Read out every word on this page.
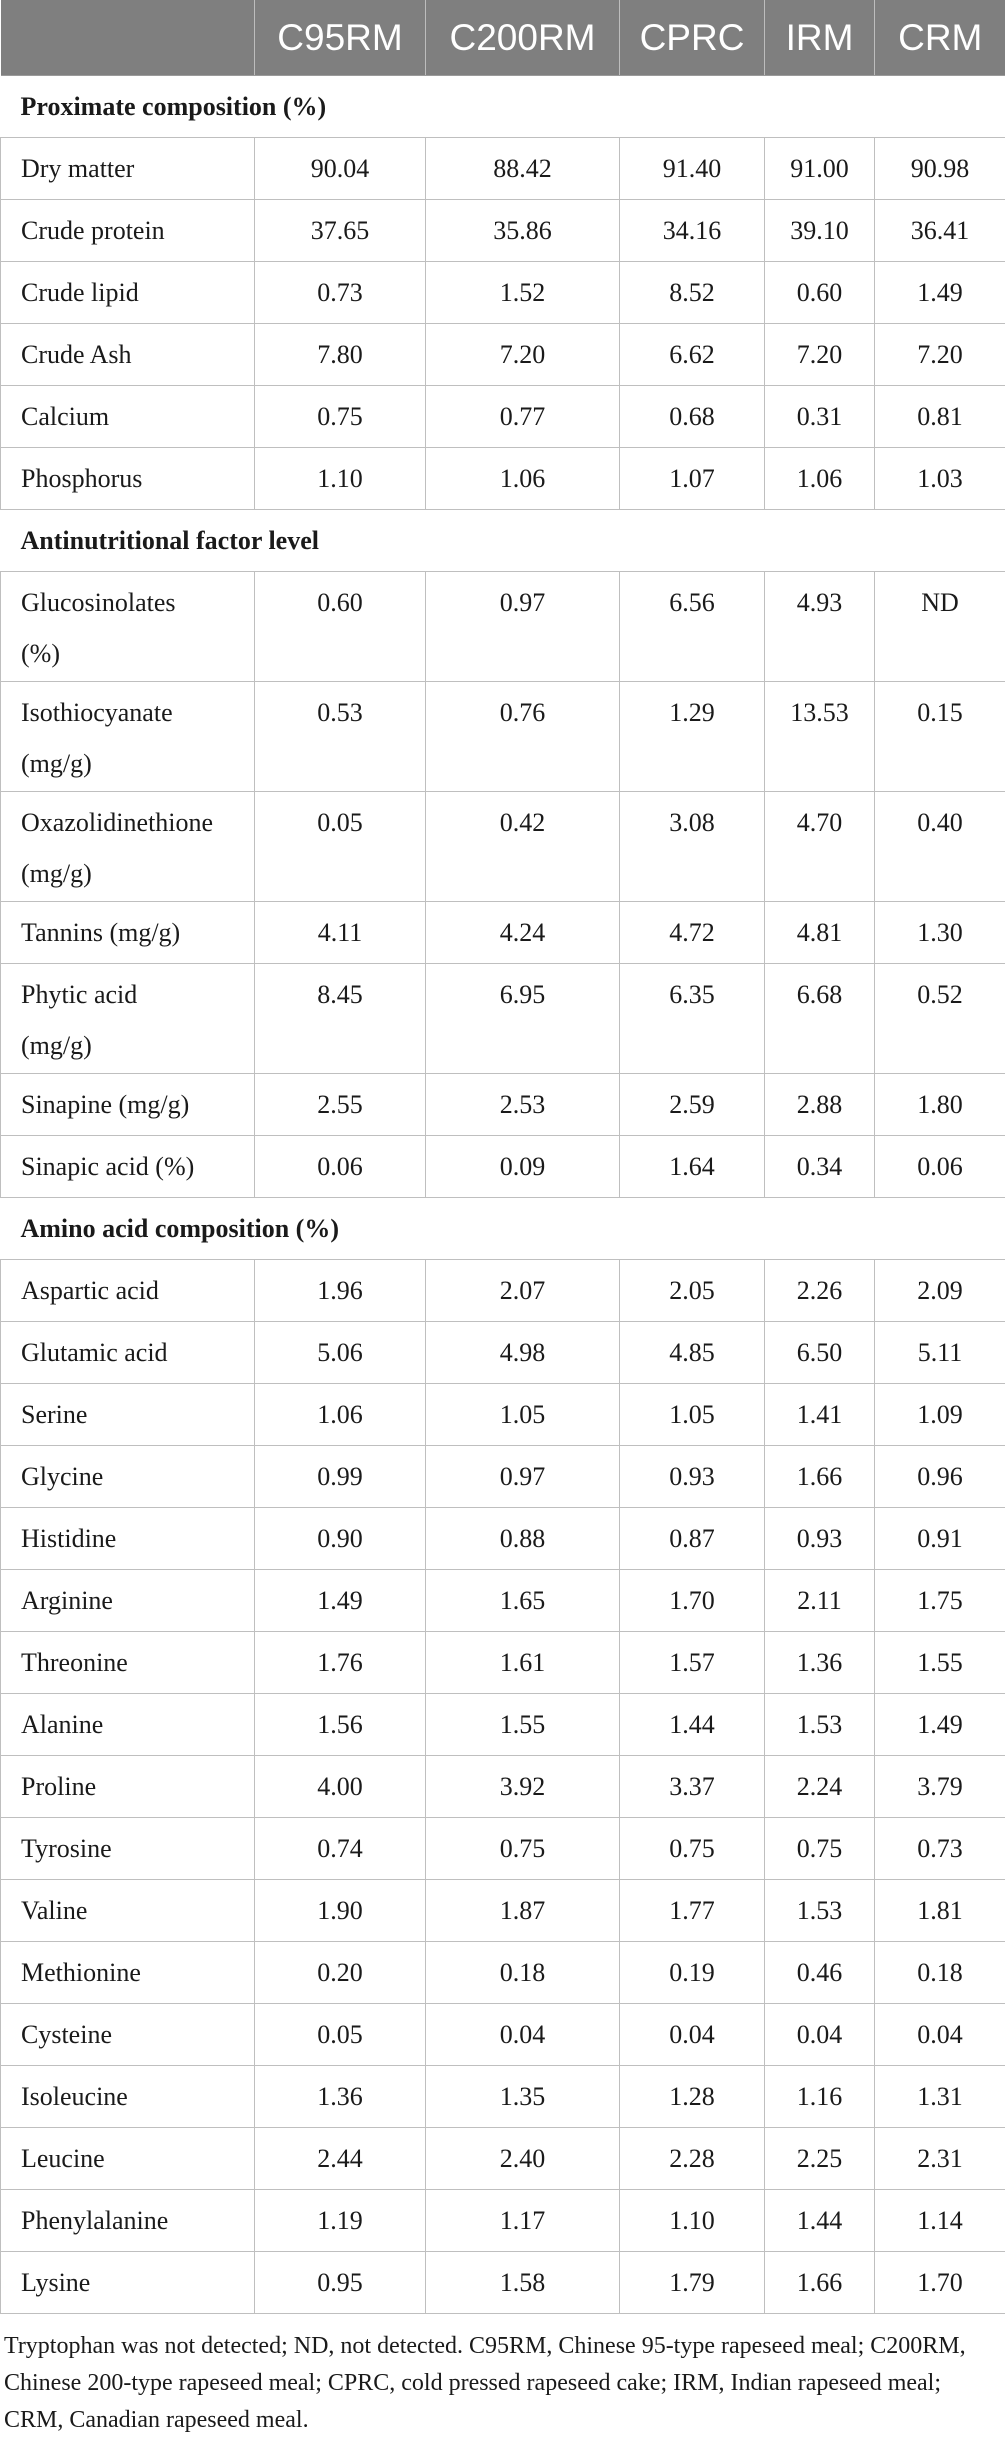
	C95RM	C200RM	CPRC	IRM	CRM
Proximate composition (%)					
Dry matter	90.04	88.42	91.40	91.00	90.98
Crude protein	37.65	35.86	34.16	39.10	36.41
Crude lipid	0.73	1.52	8.52	0.60	1.49
Crude Ash	7.80	7.20	6.62	7.20	7.20
Calcium	0.75	0.77	0.68	0.31	0.81
Phosphorus	1.10	1.06	1.07	1.06	1.03
Antinutritional factor level					

Glucosinolates
(%)	0.60	0.97	6.56	4.93	ND

Isothiocyanate
(mg/g)	0.53	0.76	1.29	13.53	0.15

Oxazolidinethione
(mg/g)	0.05	0.42	3.08	4.70	0.40
Tannins (mg/g)	4.11	4.24	4.72	4.81	1.30

Phytic acid
(mg/g)	8.45	6.95	6.35	6.68	0.52
Sinapine (mg/g)	2.55	2.53	2.59	2.88	1.80
Sinapic acid (%)	0.06	0.09	1.64	0.34	0.06
Amino acid composition (%)					
Aspartic acid	1.96	2.07	2.05	2.26	2.09
Glutamic acid	5.06	4.98	4.85	6.50	5.11
Serine	1.06	1.05	1.05	1.41	1.09
Glycine	0.99	0.97	0.93	1.66	0.96
Histidine	0.90	0.88	0.87	0.93	0.91
Arginine	1.49	1.65	1.70	2.11	1.75
Threonine	1.76	1.61	1.57	1.36	1.55
Alanine	1.56	1.55	1.44	1.53	1.49
Proline	4.00	3.92	3.37	2.24	3.79
Tyrosine	0.74	0.75	0.75	0.75	0.73
Valine	1.90	1.87	1.77	1.53	1.81
Methionine	0.20	0.18	0.19	0.46	0.18
Cysteine	0.05	0.04	0.04	0.04	0.04
Isoleucine	1.36	1.35	1.28	1.16	1.31
Leucine	2.44	2.40	2.28	2.25	2.31
Phenylalanine	1.19	1.17	1.10	1.44	1.14
Lysine	0.95	1.58	1.79	1.66	1.70
Tryptophan was not detected; ND, not detected. C95RM, Chinese 95-type rapeseed meal; C200RM, Chinese 200-type rapeseed meal; CPRC, cold pressed rapeseed cake; IRM, Indian rapeseed meal; CRM, Canadian rapeseed meal.
